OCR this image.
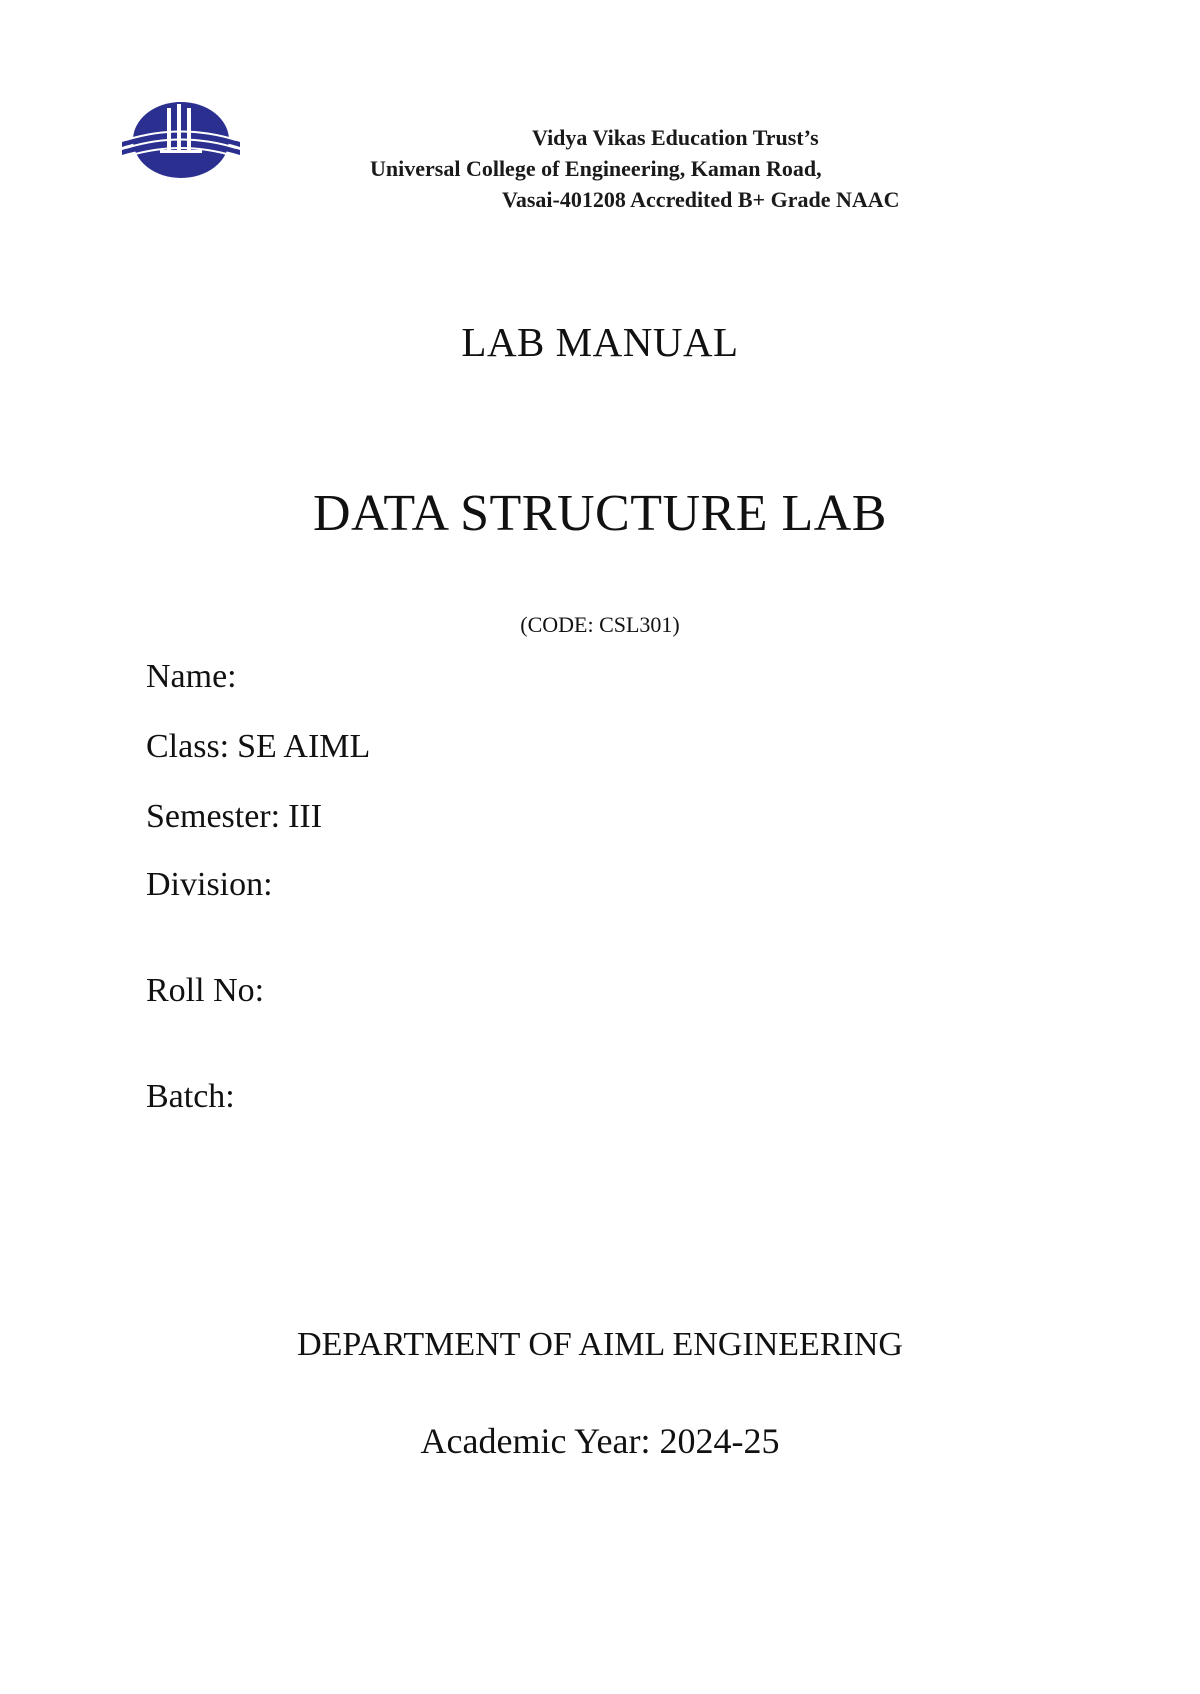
Vidya Vikas Education Trust’s
Universal College of Engineering, Kaman Road,
Vasai-401208 Accredited B+ Grade NAAC
LAB MANUAL
DATA STRUCTURE LAB
(CODE: CSL301)
Name:
Class: SE AIML
Semester: III
Division:
Roll No:
Batch:
DEPARTMENT OF AIML ENGINEERING
Academic Year: 2024-25
